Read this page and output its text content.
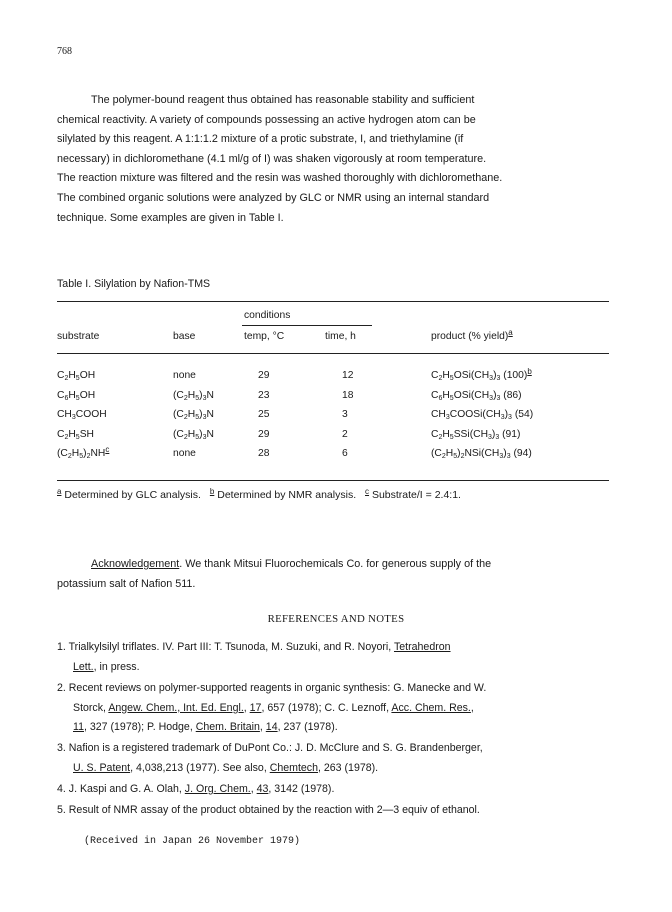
768
The polymer-bound reagent thus obtained has reasonable stability and sufficient
chemical reactivity. A variety of compounds possessing an active hydrogen atom can be
silylated by this reagent. A 1:1:1.2 mixture of a protic substrate, I, and triethylamine (if
necessary) in dichloromethane (4.1 ml/g of I) was shaken vigorously at room temperature.
The reaction mixture was filtered and the resin was washed thoroughly with dichloromethane.
The combined organic solutions were analyzed by GLC or NMR using an internal standard
technique. Some examples are given in Table I.
Table I. Silylation by Nafion-TMS
conditions
substrate	base	temp, °C	time, h	product (% yield)$^a$
$C_2H_5OH$	none	29	12	$C_2H_5OSi(CH_3)_3$ (100)$^b$
$C_6H_5OH$	$(C_2H_5)_3N$	23	18	$C_6H_5OSi(CH_3)_3$ (86)
$CH_3COOH$	$(C_2H_5)_3N$	25	3	$CH_3COOSi(CH_3)_3$ (54)
$C_2H_5SH$	$(C_2H_5)_3N$	29	2	$C_2H_5SSi(CH_3)_3$ (91)
$(C_2H_5)_2NH^c$	none	28	6	$(C_2H_5)_2NSi(CH_3)_3$ (94)
$^a$ Determined by GLC analysis. $^b$ Determined by NMR analysis. $^c$ Substrate/I = 2.4:1.
Acknowledgement. We thank Mitsui Fluorochemicals Co. for generous supply of the
potassium salt of Nafion 511.
REFERENCES AND NOTES
1. Trialkylsilyl triflates. IV. Part III: T. Tsunoda, M. Suzuki, and R. Noyori, Tetrahedron
Lett., in press.
2. Recent reviews on polymer-supported reagents in organic synthesis: G. Manecke and W.
Storck, Angew. Chem., Int. Ed. Engl., 17, 657 (1978); C. C. Leznoff, Acc. Chem. Res.,
11, 327 (1978); P. Hodge, Chem. Britain, 14, 237 (1978).
3. Nafion is a registered trademark of DuPont Co.: J. D. McClure and S. G. Brandenberger,
U. S. Patent, 4,038,213 (1977). See also, Chemtech, 263 (1978).
4. J. Kaspi and G. A. Olah, J. Org. Chem., 43, 3142 (1978).
5. Result of NMR assay of the product obtained by the reaction with 2—3 equiv of ethanol.
(Received in Japan 26 November 1979)
